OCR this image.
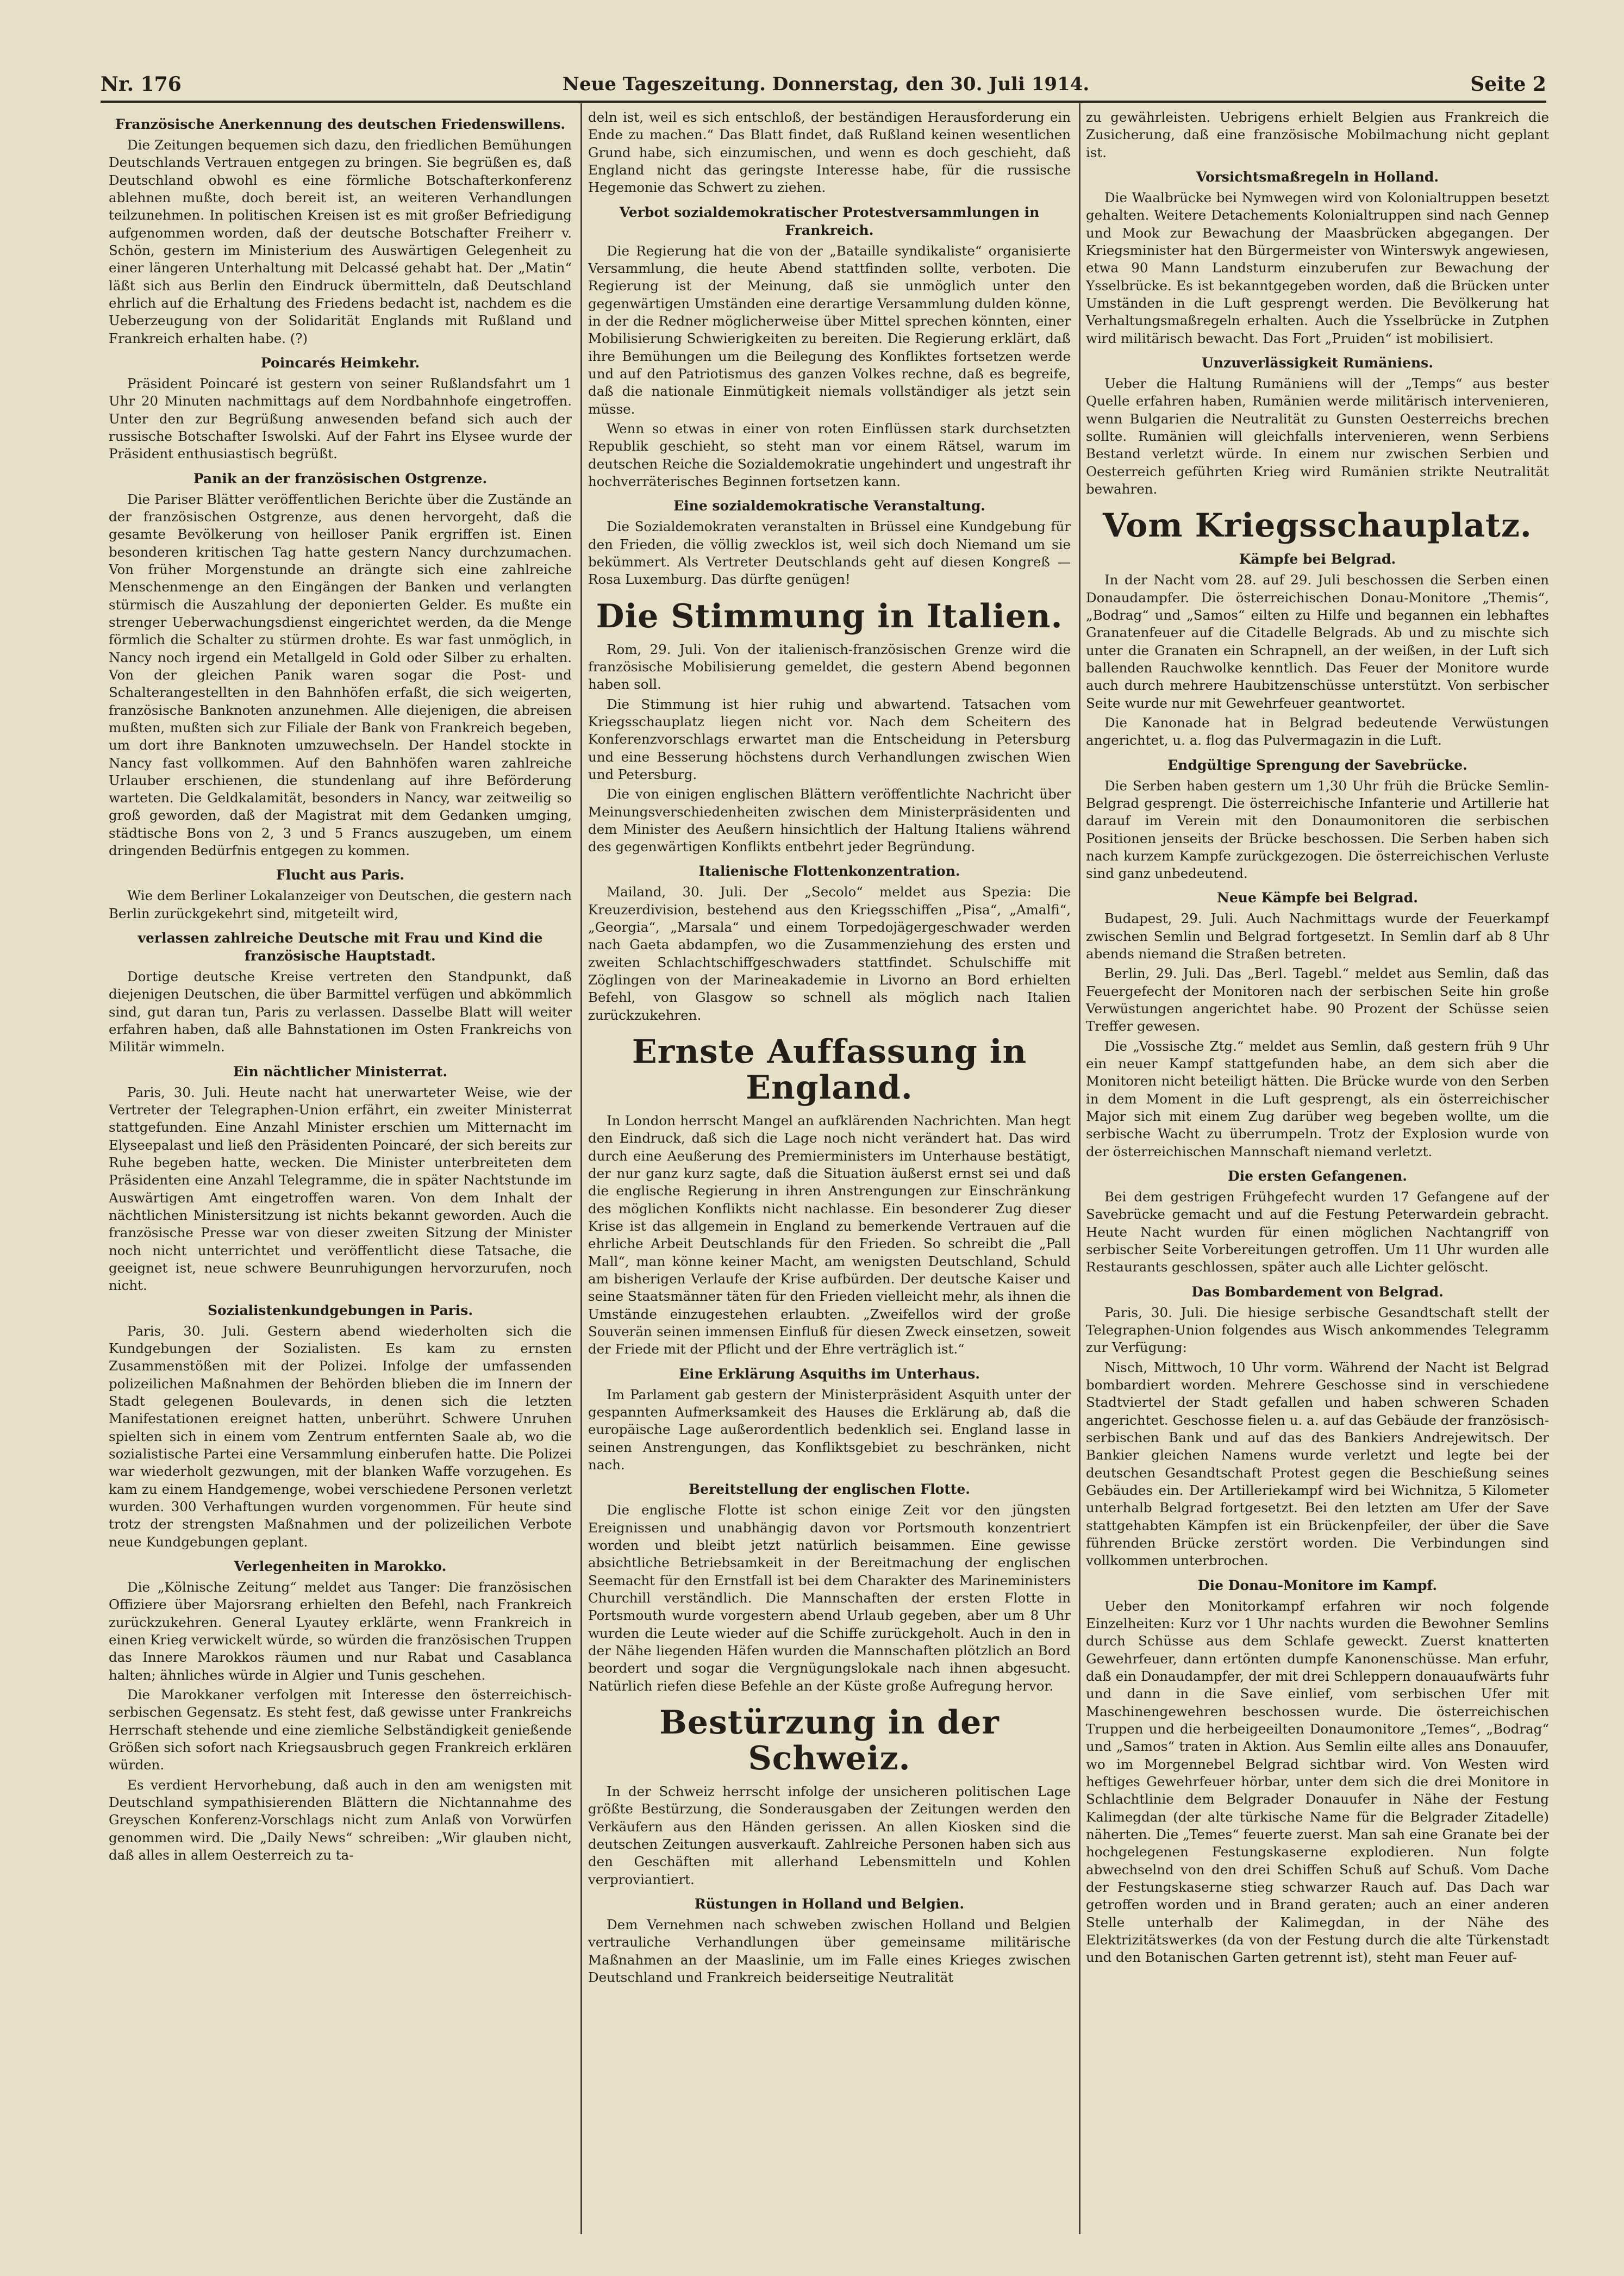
Nr. 176	Neue Tageszeitung. Donnerstag, den 30. Juli 1914.	Seite 2
Französische Anerkennung des deutschen Friedenswillens.

Die Zeitungen bequemen sich dazu, den friedlichen Bemühungen Deutschlands Vertrauen entgegen zu bringen. Sie begrüßen es, daß Deutschland obwohl es eine förmliche Botschafterkonferenz ablehnen mußte, doch bereit ist, an weiteren Verhandlungen teilzunehmen. In politischen Kreisen ist es mit großer Befriedigung aufgenommen worden, daß der deutsche Botschafter Freiherr v. Schön, gestern im Ministerium des Auswärtigen Gelegenheit zu einer längeren Unterhaltung mit Delcassé gehabt hat. Der „Matin“ läßt sich aus Berlin den Eindruck übermitteln, daß Deutschland ehrlich auf die Erhaltung des Friedens bedacht ist, nachdem es die Ueberzeugung von der Solidarität Englands mit Rußland und Frankreich erhalten habe. (?)

Poincarés Heimkehr.

Präsident Poincaré ist gestern von seiner Rußlandsfahrt um 1 Uhr 20 Minuten nachmittags auf dem Nordbahnhofe eingetroffen. Unter den zur Begrüßung anwesenden befand sich auch der russische Botschafter Iswolski. Auf der Fahrt ins Elysee wurde der Präsident enthusiastisch begrüßt.

Panik an der französischen Ostgrenze.

Die Pariser Blätter veröffentlichen Berichte über die Zustände an der französischen Ostgrenze, aus denen hervorgeht, daß die gesamte Bevölkerung von heilloser Panik ergriffen ist. Einen besonderen kritischen Tag hatte gestern Nancy durchzumachen. Von früher Morgenstunde an drängte sich eine zahlreiche Menschenmenge an den Eingängen der Banken und verlangten stürmisch die Auszahlung der deponierten Gelder. Es mußte ein strenger Ueberwachungsdienst eingerichtet werden, da die Menge förmlich die Schalter zu stürmen drohte. Es war fast unmöglich, in Nancy noch irgend ein Metallgeld in Gold oder Silber zu erhalten. Von der gleichen Panik waren sogar die Post- und Schalterangestellten in den Bahnhöfen erfaßt, die sich weigerten, französische Banknoten anzunehmen. Alle diejenigen, die abreisen mußten, mußten sich zur Filiale der Bank von Frankreich begeben, um dort ihre Banknoten umzuwechseln. Der Handel stockte in Nancy fast vollkommen. Auf den Bahnhöfen waren zahlreiche Urlauber erschienen, die stundenlang auf ihre Beförderung warteten. Die Geldkalamität, besonders in Nancy, war zeitweilig so groß geworden, daß der Magistrat mit dem Gedanken umging, städtische Bons von 2, 3 und 5 Francs auszugeben, um einem dringenden Bedürfnis entgegen zu kommen.

Flucht aus Paris.

Wie dem Berliner Lokalanzeiger von Deutschen, die gestern nach Berlin zurückgekehrt sind, mitgeteilt wird,

verlassen zahlreiche Deutsche mit Frau und Kind die französische Hauptstadt.

Dortige deutsche Kreise vertreten den Standpunkt, daß diejenigen Deutschen, die über Barmittel verfügen und abkömmlich sind, gut daran tun, Paris zu verlassen. Dasselbe Blatt will weiter erfahren haben, daß alle Bahnstationen im Osten Frankreichs von Militär wimmeln.

Ein nächtlicher Ministerrat.

Paris, 30. Juli. Heute nacht hat unerwarteter Weise, wie der Vertreter der Telegraphen-Union erfährt, ein zweiter Ministerrat stattgefunden. Eine Anzahl Minister erschien um Mitternacht im Elyseepalast und ließ den Präsidenten Poincaré, der sich bereits zur Ruhe begeben hatte, wecken. Die Minister unterbreiteten dem Präsidenten eine Anzahl Telegramme, die in später Nachtstunde im Auswärtigen Amt eingetroffen waren. Von dem Inhalt der nächtlichen Ministersitzung ist nichts bekannt geworden. Auch die französische Presse war von dieser zweiten Sitzung der Minister noch nicht unterrichtet und veröffentlicht diese Tatsache, die geeignet ist, neue schwere Beunruhigungen hervorzurufen, noch nicht.

Sozialistenkundgebungen in Paris.

Paris, 30. Juli. Gestern abend wiederholten sich die Kundgebungen der Sozialisten. Es kam zu ernsten Zusammenstößen mit der Polizei. Infolge der umfassenden polizeilichen Maßnahmen der Behörden blieben die im Innern der Stadt gelegenen Boulevards, in denen sich die letzten Manifestationen ereignet hatten, unberührt. Schwere Unruhen spielten sich in einem vom Zentrum entfernten Saale ab, wo die sozialistische Partei eine Versammlung einberufen hatte. Die Polizei war wiederholt gezwungen, mit der blanken Waffe vorzugehen. Es kam zu einem Handgemenge, wobei verschiedene Personen verletzt wurden. 300 Verhaftungen wurden vorgenommen. Für heute sind trotz der strengsten Maßnahmen und der polizeilichen Verbote neue Kundgebungen geplant.

Verlegenheiten in Marokko.

Die „Kölnische Zeitung“ meldet aus Tanger: Die französischen Offiziere über Majorsrang erhielten den Befehl, nach Frankreich zurückzukehren. General Lyautey erklärte, wenn Frankreich in einen Krieg verwickelt würde, so würden die französischen Truppen das Innere Marokkos räumen und nur Rabat und Casablanca halten; ähnliches würde in Algier und Tunis geschehen.

Die Marokkaner verfolgen mit Interesse den österreichisch-serbischen Gegensatz. Es steht fest, daß gewisse unter Frankreichs Herrschaft stehende und eine ziemliche Selbständigkeit genießende Größen sich sofort nach Kriegsausbruch gegen Frankreich erklären würden.

Es verdient Hervorhebung, daß auch in den am wenigsten mit Deutschland sympathisierenden Blättern die Nichtannahme des Greyschen Konferenz-Vorschlags nicht zum Anlaß von Vorwürfen genommen wird. Die „Daily News“ schreiben: „Wir glauben nicht, daß alles in allem Oesterreich zu ta-

deln ist, weil es sich entschloß, der beständigen Herausforderung ein Ende zu machen.“ Das Blatt findet, daß Rußland keinen wesentlichen Grund habe, sich einzumischen, und wenn es doch geschieht, daß England nicht das geringste Interesse habe, für die russische Hegemonie das Schwert zu ziehen.

Verbot sozialdemokratischer Protestversammlungen in Frankreich.

Die Regierung hat die von der „Bataille syndikaliste“ organisierte Versammlung, die heute Abend stattfinden sollte, verboten. Die Regierung ist der Meinung, daß sie unmöglich unter den gegenwärtigen Umständen eine derartige Versammlung dulden könne, in der die Redner möglicherweise über Mittel sprechen könnten, einer Mobilisierung Schwierigkeiten zu bereiten. Die Regierung erklärt, daß ihre Bemühungen um die Beilegung des Konfliktes fortsetzen werde und auf den Patriotismus des ganzen Volkes rechne, daß es begreife, daß die nationale Einmütigkeit niemals vollständiger als jetzt sein müsse.

Wenn so etwas in einer von roten Einflüssen stark durchsetzten Republik geschieht, so steht man vor einem Rätsel, warum im deutschen Reiche die Sozialdemokratie ungehindert und ungestraft ihr hochverräterisches Beginnen fortsetzen kann.

Eine sozialdemokratische Veranstaltung.

Die Sozialdemokraten veranstalten in Brüssel eine Kundgebung für den Frieden, die völlig zwecklos ist, weil sich doch Niemand um sie bekümmert. Als Vertreter Deutschlands geht auf diesen Kongreß — Rosa Luxemburg. Das dürfte genügen!

Die Stimmung in Italien.

Rom, 29. Juli. Von der italienisch-französischen Grenze wird die französische Mobilisierung gemeldet, die gestern Abend begonnen haben soll.

Die Stimmung ist hier ruhig und abwartend. Tatsachen vom Kriegsschauplatz liegen nicht vor. Nach dem Scheitern des Konferenzvorschlags erwartet man die Entscheidung in Petersburg und eine Besserung höchstens durch Verhandlungen zwischen Wien und Petersburg.

Die von einigen englischen Blättern veröffentlichte Nachricht über Meinungsverschiedenheiten zwischen dem Ministerpräsidenten und dem Minister des Aeußern hinsichtlich der Haltung Italiens während des gegenwärtigen Konflikts entbehrt jeder Begründung.

Italienische Flottenkonzentration.

Mailand, 30. Juli. Der „Secolo“ meldet aus Spezia: Die Kreuzerdivision, bestehend aus den Kriegsschiffen „Pisa“, „Amalfi“, „Georgia“, „Marsala“ und einem Torpedojägergeschwader werden nach Gaeta abdampfen, wo die Zusammenziehung des ersten und zweiten Schlachtschiffgeschwaders stattfindet. Schulschiffe mit Zöglingen von der Marineakademie in Livorno an Bord erhielten Befehl, von Glasgow so schnell als möglich nach Italien zurückzukehren.

Ernste Auffassung in England.

In London herrscht Mangel an aufklärenden Nachrichten. Man hegt den Eindruck, daß sich die Lage noch nicht verändert hat. Das wird durch eine Aeußerung des Premierministers im Unterhause bestätigt, der nur ganz kurz sagte, daß die Situation äußerst ernst sei und daß die englische Regierung in ihren Anstrengungen zur Einschränkung des möglichen Konflikts nicht nachlasse. Ein besonderer Zug dieser Krise ist das allgemein in England zu bemerkende Vertrauen auf die ehrliche Arbeit Deutschlands für den Frieden. So schreibt die „Pall Mall“, man könne keiner Macht, am wenigsten Deutschland, Schuld am bisherigen Verlaufe der Krise aufbürden. Der deutsche Kaiser und seine Staatsmänner täten für den Frieden vielleicht mehr, als ihnen die Umstände einzugestehen erlaubten. „Zweifellos wird der große Souverän seinen immensen Einfluß für diesen Zweck einsetzen, soweit der Friede mit der Pflicht und der Ehre verträglich ist.“

Eine Erklärung Asquiths im Unterhaus.

Im Parlament gab gestern der Ministerpräsident Asquith unter der gespannten Aufmerksamkeit des Hauses die Erklärung ab, daß die europäische Lage außerordentlich bedenklich sei. England lasse in seinen Anstrengungen, das Konfliktsgebiet zu beschränken, nicht nach.

Bereitstellung der englischen Flotte.

Die englische Flotte ist schon einige Zeit vor den jüngsten Ereignissen und unabhängig davon vor Portsmouth konzentriert worden und bleibt jetzt natürlich beisammen. Eine gewisse absichtliche Betriebsamkeit in der Bereitmachung der englischen Seemacht für den Ernstfall ist bei dem Charakter des Marineministers Churchill verständlich. Die Mannschaften der ersten Flotte in Portsmouth wurde vorgestern abend Urlaub gegeben, aber um 8 Uhr wurden die Leute wieder auf die Schiffe zurückgeholt. Auch in den in der Nähe liegenden Häfen wurden die Mannschaften plötzlich an Bord beordert und sogar die Vergnügungslokale nach ihnen abgesucht. Natürlich riefen diese Befehle an der Küste große Aufregung hervor.

Bestürzung in der Schweiz.

In der Schweiz herrscht infolge der unsicheren politischen Lage größte Bestürzung, die Sonderausgaben der Zeitungen werden den Verkäufern aus den Händen gerissen. An allen Kiosken sind die deutschen Zeitungen ausverkauft. Zahlreiche Personen haben sich aus den Geschäften mit allerhand Lebensmitteln und Kohlen verproviantiert.

Rüstungen in Holland und Belgien.

Dem Vernehmen nach schweben zwischen Holland und Belgien vertrauliche Verhandlungen über gemeinsame militärische Maßnahmen an der Maaslinie, um im Falle eines Krieges zwischen Deutschland und Frankreich beiderseitige Neutralität

zu gewährleisten. Uebrigens erhielt Belgien aus Frankreich die Zusicherung, daß eine französische Mobilmachung nicht geplant ist.

Vorsichtsmaßregeln in Holland.

Die Waalbrücke bei Nymwegen wird von Kolonialtruppen besetzt gehalten. Weitere Detachements Kolonialtruppen sind nach Gennep und Mook zur Bewachung der Maasbrücken abgegangen. Der Kriegsminister hat den Bürgermeister von Winterswyk angewiesen, etwa 90 Mann Landsturm einzuberufen zur Bewachung der Ysselbrücke. Es ist bekanntgegeben worden, daß die Brücken unter Umständen in die Luft gesprengt werden. Die Bevölkerung hat Verhaltungsmaßregeln erhalten. Auch die Ysselbrücke in Zutphen wird militärisch bewacht. Das Fort „Pruiden“ ist mobilisiert.

Unzuverlässigkeit Rumäniens.

Ueber die Haltung Rumäniens will der „Temps“ aus bester Quelle erfahren haben, Rumänien werde militärisch intervenieren, wenn Bulgarien die Neutralität zu Gunsten Oesterreichs brechen sollte. Rumänien will gleichfalls intervenieren, wenn Serbiens Bestand verletzt würde. In einem nur zwischen Serbien und Oesterreich geführten Krieg wird Rumänien strikte Neutralität bewahren.

Vom Kriegsschauplatz.
Kämpfe bei Belgrad.

In der Nacht vom 28. auf 29. Juli beschossen die Serben einen Donaudampfer. Die österreichischen Donau-Monitore „Themis“, „Bodrag“ und „Samos“ eilten zu Hilfe und begannen ein lebhaftes Granatenfeuer auf die Citadelle Belgrads. Ab und zu mischte sich unter die Granaten ein Schrapnell, an der weißen, in der Luft sich ballenden Rauchwolke kenntlich. Das Feuer der Monitore wurde auch durch mehrere Haubitzenschüsse unterstützt. Von serbischer Seite wurde nur mit Gewehrfeuer geantwortet.

Die Kanonade hat in Belgrad bedeutende Verwüstungen angerichtet, u. a. flog das Pulvermagazin in die Luft.

Endgültige Sprengung der Savebrücke.

Die Serben haben gestern um 1,30 Uhr früh die Brücke Semlin-Belgrad gesprengt. Die österreichische Infanterie und Artillerie hat darauf im Verein mit den Donaumonitoren die serbischen Positionen jenseits der Brücke beschossen. Die Serben haben sich nach kurzem Kampfe zurückgezogen. Die österreichischen Verluste sind ganz unbedeutend.

Neue Kämpfe bei Belgrad.

Budapest, 29. Juli. Auch Nachmittags wurde der Feuerkampf zwischen Semlin und Belgrad fortgesetzt. In Semlin darf ab 8 Uhr abends niemand die Straßen betreten.

Berlin, 29. Juli. Das „Berl. Tagebl.“ meldet aus Semlin, daß das Feuergefecht der Monitoren nach der serbischen Seite hin große Verwüstungen angerichtet habe. 90 Prozent der Schüsse seien Treffer gewesen.

Die „Vossische Ztg.“ meldet aus Semlin, daß gestern früh 9 Uhr ein neuer Kampf stattgefunden habe, an dem sich aber die Monitoren nicht beteiligt hätten. Die Brücke wurde von den Serben in dem Moment in die Luft gesprengt, als ein österreichischer Major sich mit einem Zug darüber weg begeben wollte, um die serbische Wacht zu überrumpeln. Trotz der Explosion wurde von der österreichischen Mannschaft niemand verletzt.

Die ersten Gefangenen.

Bei dem gestrigen Frühgefecht wurden 17 Gefangene auf der Savebrücke gemacht und auf die Festung Peterwardein gebracht. Heute Nacht wurden für einen möglichen Nachtangriff von serbischer Seite Vorbereitungen getroffen. Um 11 Uhr wurden alle Restaurants geschlossen, später auch alle Lichter gelöscht.

Das Bombardement von Belgrad.

Paris, 30. Juli. Die hiesige serbische Gesandtschaft stellt der Telegraphen-Union folgendes aus Wisch ankommendes Telegramm zur Verfügung:

Nisch, Mittwoch, 10 Uhr vorm. Während der Nacht ist Belgrad bombardiert worden. Mehrere Geschosse sind in verschiedene Stadtviertel der Stadt gefallen und haben schweren Schaden angerichtet. Geschosse fielen u. a. auf das Gebäude der französisch-serbischen Bank und auf das des Bankiers Andrejewitsch. Der Bankier gleichen Namens wurde verletzt und legte bei der deutschen Gesandtschaft Protest gegen die Beschießung seines Gebäudes ein. Der Artilleriekampf wird bei Wichnitza, 5 Kilometer unterhalb Belgrad fortgesetzt. Bei den letzten am Ufer der Save stattgehabten Kämpfen ist ein Brückenpfeiler, der über die Save führenden Brücke zerstört worden. Die Verbindungen sind vollkommen unterbrochen.

Die Donau-Monitore im Kampf.

Ueber den Monitorkampf erfahren wir noch folgende Einzelheiten: Kurz vor 1 Uhr nachts wurden die Bewohner Semlins durch Schüsse aus dem Schlafe geweckt. Zuerst knatterten Gewehrfeuer, dann ertönten dumpfe Kanonenschüsse. Man erfuhr, daß ein Donaudampfer, der mit drei Schleppern donauaufwärts fuhr und dann in die Save einlief, vom serbischen Ufer mit Maschinengewehren beschossen wurde. Die österreichischen Truppen und die herbeigeeilten Donaumonitore „Temes“, „Bodrag“ und „Samos“ traten in Aktion. Aus Semlin eilte alles ans Donauufer, wo im Morgennebel Belgrad sichtbar wird. Von Westen wird heftiges Gewehrfeuer hörbar, unter dem sich die drei Monitore in Schlachtlinie dem Belgrader Donauufer in Nähe der Festung Kalimegdan (der alte türkische Name für die Belgrader Zitadelle) näherten. Die „Temes“ feuerte zuerst. Man sah eine Granate bei der hochgelegenen Festungskaserne explodieren. Nun folgte abwechselnd von den drei Schiffen Schuß auf Schuß. Vom Dache der Festungskaserne stieg schwarzer Rauch auf. Das Dach war getroffen worden und in Brand geraten; auch an einer anderen Stelle unterhalb der Kalimegdan, in der Nähe des Elektrizitätswerkes (da von der Festung durch die alte Türkenstadt und den Botanischen Garten getrennt ist), steht man Feuer auf-
